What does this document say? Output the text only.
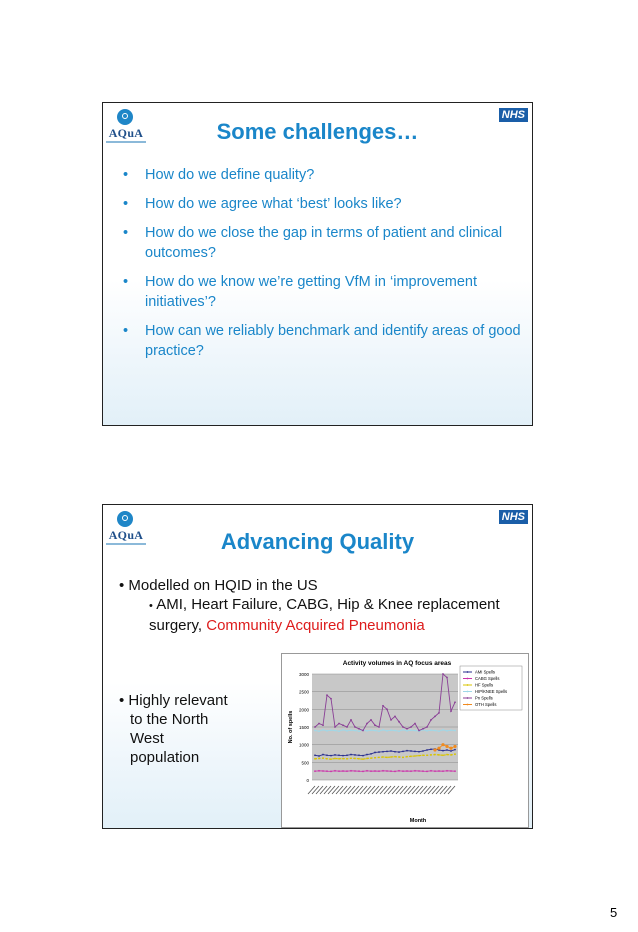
AQuA
NHS
Some challenges…
• How do we define quality?
• How do we agree what ‘best’ looks like?
• How do we close the gap in terms of patient and clinical outcomes?
• How do we know we’re getting VfM in ‘improvement initiatives’?
• How can we reliably benchmark and identify areas of good practice?
AQuA
NHS
Advancing Quality
• Modelled on HQID in the US
• AMI, Heart Failure, CABG, Hip & Knee replacement surgery, Community Acquired Pneumonia
• Highly relevant
to the North
West
population
0
500
1000
1500
2000
2500
3000
Activity volumes in AQ focus areas
No. of spells
Month
AMI Spells
CABG Spells
HF Spells
HIP/KNEE Spells
Pn Spells
OTH Spells
5
